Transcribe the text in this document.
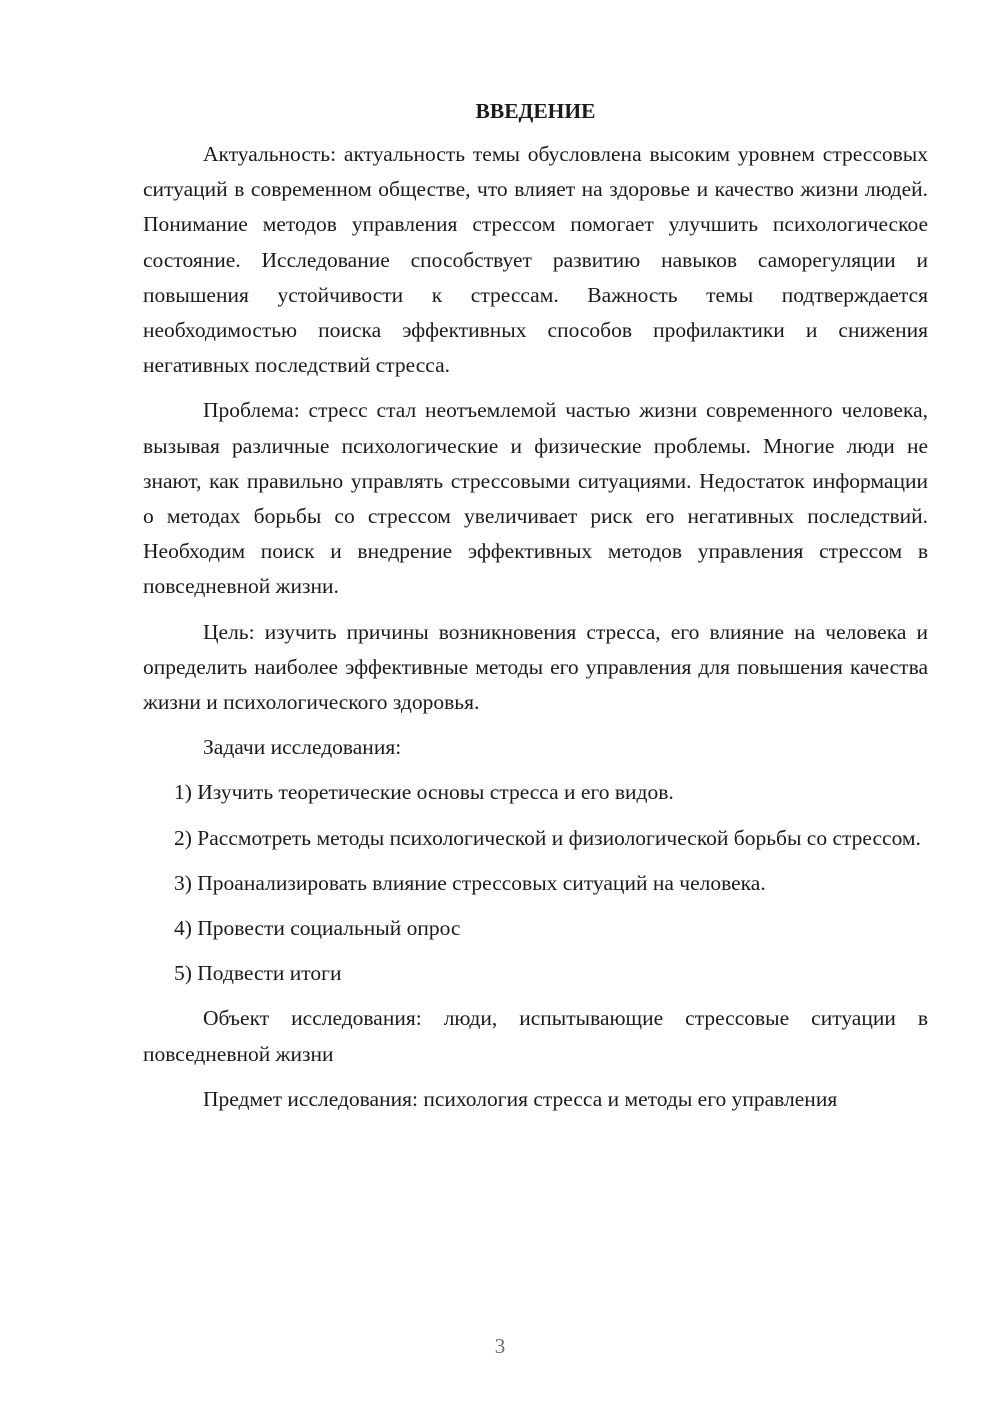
ВВЕДЕНИЕ

Актуальность: актуальность темы обусловлена высоким уровнем стрессовых ситуаций в современном обществе, что влияет на здоровье и качество жизни людей. Понимание методов управления стрессом помогает улучшить психологическое состояние. Исследование способствует развитию навыков саморегуляции и повышения устойчивости к стрессам. Важность темы подтверждается необходимостью поиска эффективных способов профилактики и снижения негативных последствий стресса.

Проблема: стресс стал неотъемлемой частью жизни современного человека, вызывая различные психологические и физические проблемы. Многие люди не знают, как правильно управлять стрессовыми ситуациями. Недостаток информации о методах борьбы со стрессом увеличивает риск его негативных последствий. Необходим поиск и внедрение эффективных методов управления стрессом в повседневной жизни.

Цель: изучить причины возникновения стресса, его влияние на человека и определить наиболее эффективные методы его управления для повышения качества жизни и психологического здоровья.

Задачи исследования:

1) Изучить теоретические основы стресса и его видов.

2) Рассмотреть методы психологической и физиологической борьбы со стрессом.

3) Проанализировать влияние стрессовых ситуаций на человека.

4) Провести социальный опрос

5) Подвести итоги

Объект исследования: люди, испытывающие стрессовые ситуации в повседневной жизни

Предмет исследования: психология стресса и методы его управления

3
